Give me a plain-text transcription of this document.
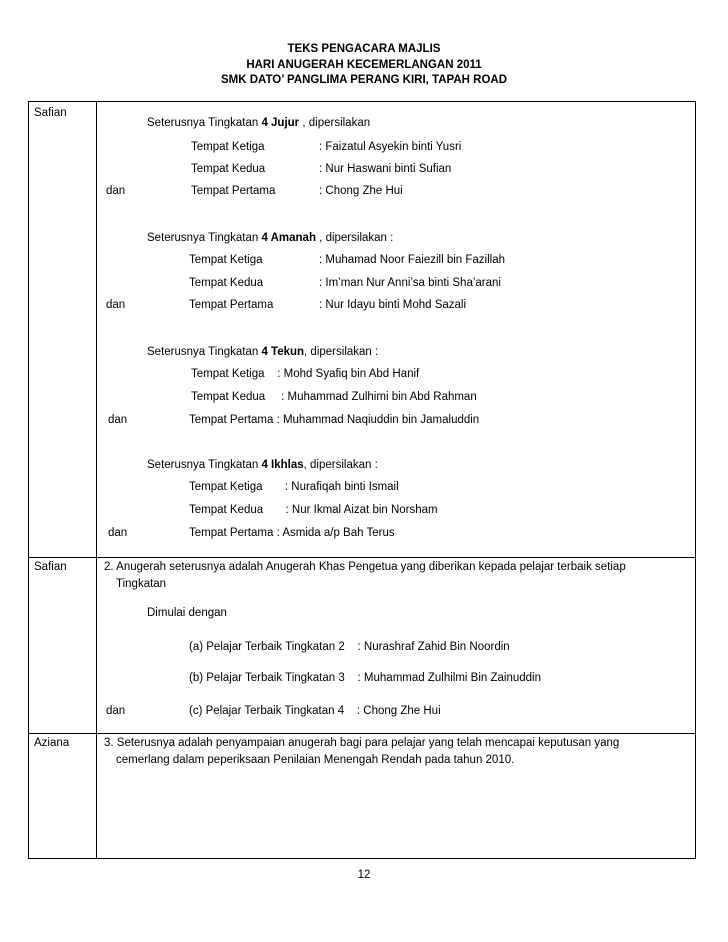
TEKS PENGACARA MAJLIS
HARI ANUGERAH KECEMERLANGAN 2011
SMK DATO’ PANGLIMA PERANG KIRI, TAPAH ROAD
Safian
Seterusnya Tingkatan 4 Jujur , dipersilakan
Tempat Ketiga	: Faizatul Asyekin binti Yusri
Tempat Kedua	: Nur Haswani binti Sufian
dan	Tempat Pertama	: Chong Zhe Hui
Seterusnya Tingkatan 4 Amanah , dipersilakan :
Tempat Ketiga	: Muhamad Noor Faiezill bin Fazillah
Tempat Kedua	: Im’man Nur Anni’sa binti Sha’arani
dan	Tempat Pertama	: Nur Idayu binti Mohd Sazali
Seterusnya Tingkatan 4 Tekun, dipersilakan :
Tempat Ketiga    : Mohd Syafiq bin Abd Hanif
Tempat Kedua     : Muhammad Zulhimi bin Abd Rahman
dan	Tempat Pertama : Muhammad Naqiuddin bin Jamaluddin
Seterusnya Tingkatan 4 Ikhlas, dipersilakan :
Tempat Ketiga       : Nurafiqah binti Ismail
Tempat Kedua       : Nur Ikmal Aizat bin Norsham
dan	Tempat Pertama : Asmida a/p Bah Terus
Safian	2. Anugerah seterusnya adalah Anugerah Khas Pengetua yang diberikan kepada pelajar terbaik setiap
Tingkatan
Dimulai dengan
(a) Pelajar Terbaik Tingkatan 2    : Nurashraf Zahid Bin Noordin
(b) Pelajar Terbaik Tingkatan 3    : Muhammad Zulhilmi Bin Zainuddin
dan	(c) Pelajar Terbaik Tingkatan 4    : Chong Zhe Hui
Aziana	3. Seterusnya adalah penyampaian anugerah bagi para pelajar yang telah mencapai keputusan yang
cemerlang dalam peperiksaan Penilaian Menengah Rendah pada tahun 2010.
12
